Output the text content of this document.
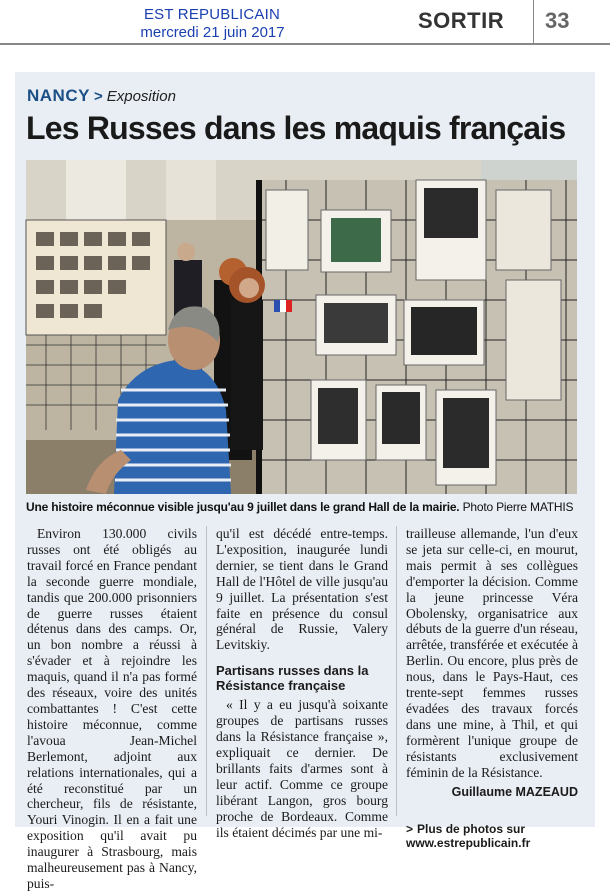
EST REPUBLICAIN
mercredi 21 juin 2017	SORTIR 33
NANCY > Exposition
Les Russes dans les maquis français
Une histoire méconnue visible jusqu'au 9 juillet dans le grand Hall de la mairie. Photo Pierre MATHIS

Environ 130.000 civils russes ont été obligés au travail forcé en France pendant la seconde guerre mondiale, tandis que 200.000 prisonniers de guerre russes étaient détenus dans des camps. Or, un bon nombre a réussi à s'évader et à rejoindre les maquis, quand il n'a pas formé des réseaux, voire des unités combattantes ! C'est cette histoire méconnue, comme l'avoua Jean-Michel Berlemont, adjoint aux relations internationales, qui a été reconstitué par un chercheur, fils de résistante, Youri Vinogin. Il en a fait une exposition qu'il avait pu inaugurer à Strasbourg, mais malheureusement pas à Nancy, puis-

qu'il est décédé entre-temps. L'exposition, inaugurée lundi dernier, se tient dans le Grand Hall de l'Hôtel de ville jusqu'au 9 juillet. La présentation s'est faite en présence du consul général de Russie, Valery Levitskiy.

Partisans russes dans la Résistance française

« Il y a eu jusqu'à soixante groupes de partisans russes dans la Résistance française », expliquait ce dernier. De brillants faits d'armes sont à leur actif. Comme ce groupe libérant Langon, gros bourg proche de Bordeaux. Comme ils étaient décimés par une mi-

trailleuse allemande, l'un d'eux se jeta sur celle-ci, en mourut, mais permit à ses collègues d'emporter la décision. Comme la jeune princesse Véra Obolensky, organisatrice aux débuts de la guerre d'un réseau, arrêtée, transférée et exécutée à Berlin. Ou encore, plus près de nous, dans le Pays-Haut, ces trente-sept femmes russes évadées des travaux forcés dans une mine, à Thil, et qui formèrent l'unique groupe de résistants exclusivement féminin de la Résistance.

Guillaume MAZEAUD
> Plus de photos sur
www.estrepublicain.fr
